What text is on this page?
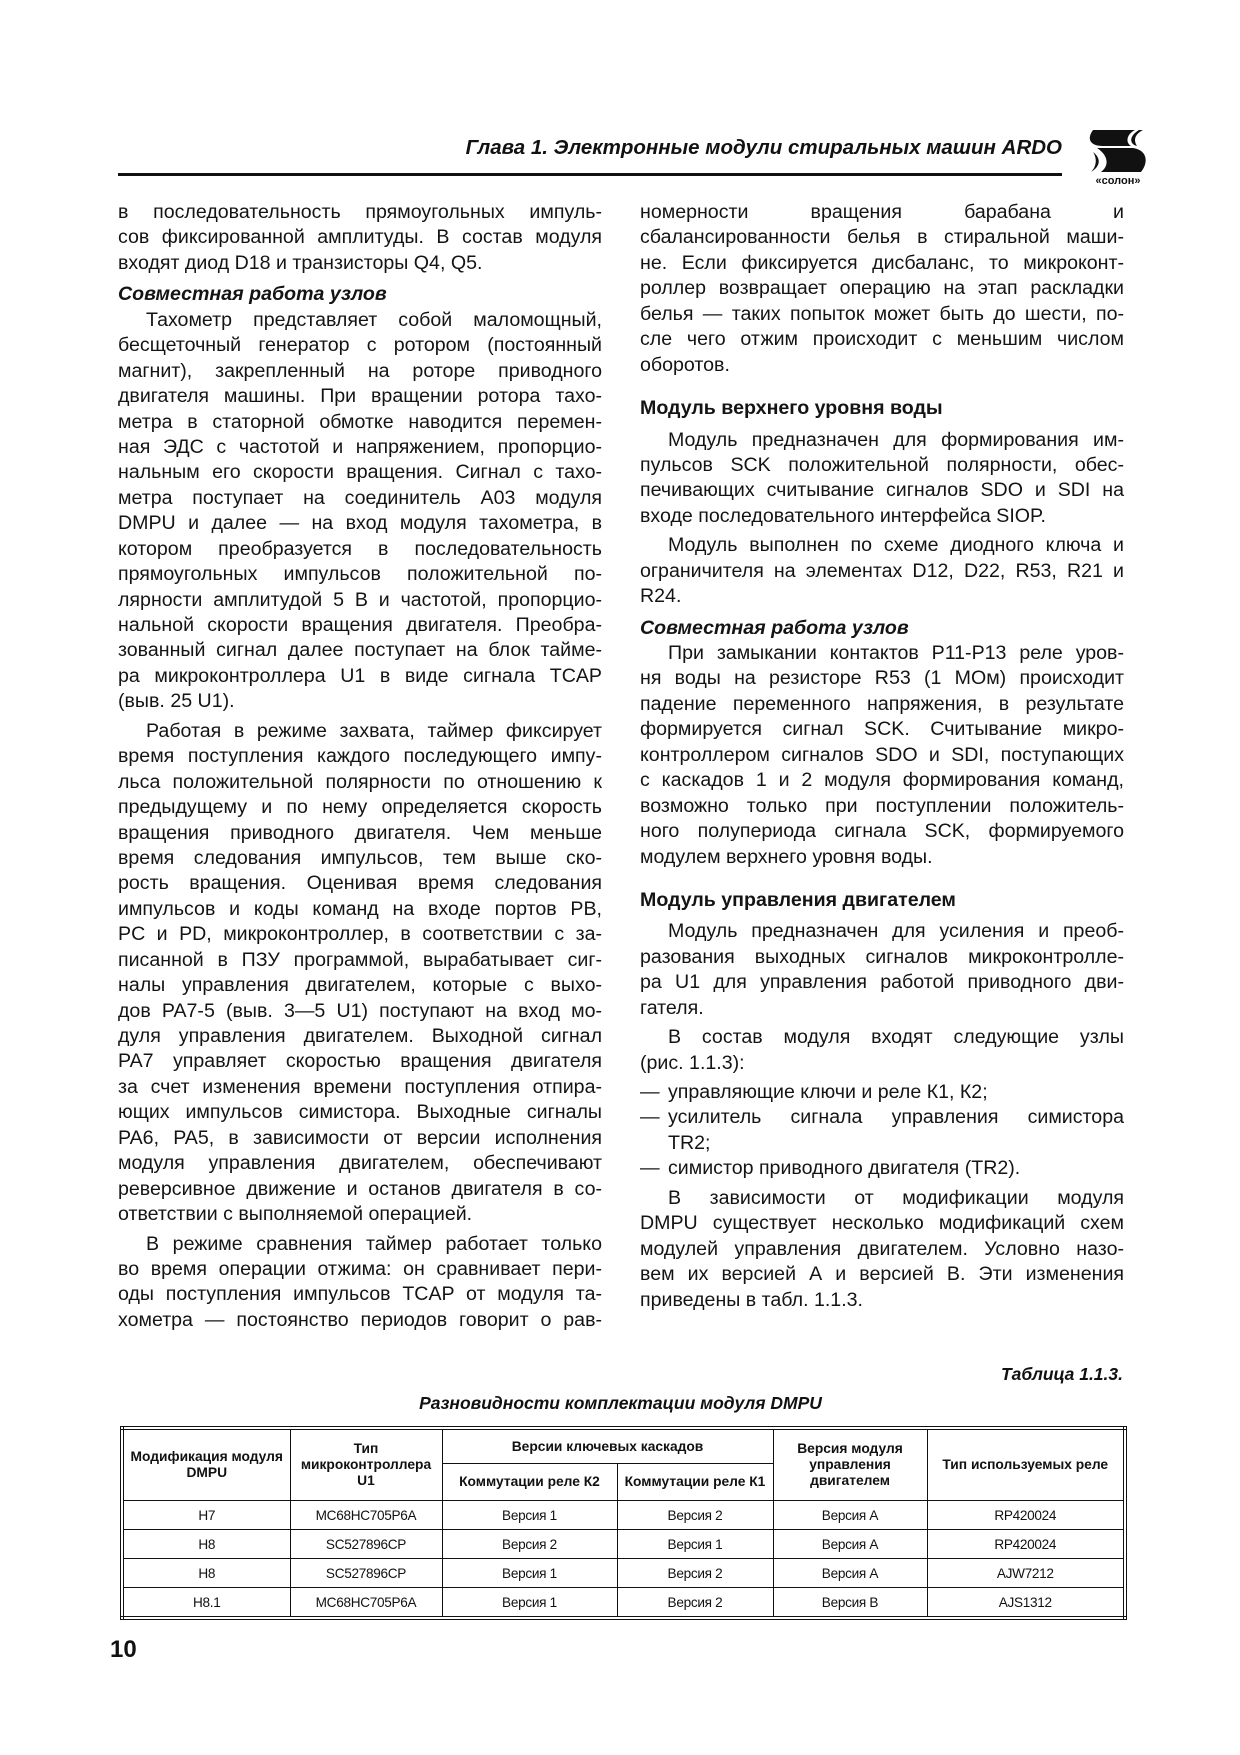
Глава 1. Электронные модули стиральных машин ARDO
«солон»
в последовательность прямоугольных импуль-
сов фиксированной амплитуды. В состав модуля
входят диод D18 и транзисторы Q4, Q5.
Совместная работа узлов
Тахометр представляет собой маломощный,
бесщеточный генератор с ротором (постоянный
магнит), закрепленный на роторе приводного
двигателя машины. При вращении ротора тахо-
метра в статорной обмотке наводится перемен-
ная ЭДС с частотой и напряжением, пропорцио-
нальным его скорости вращения. Сигнал с тахо-
метра поступает на соединитель А03 модуля
DMPU и далее — на вход модуля тахометра, в
котором преобразуется в последовательность
прямоугольных импульсов положительной по-
лярности амплитудой 5 В и частотой, пропорцио-
нальной скорости вращения двигателя. Преобра-
зованный сигнал далее поступает на блок тайме-
ра микроконтроллера U1 в виде сигнала TCAP
(выв. 25 U1).
Работая в режиме захвата, таймер фиксирует
время поступления каждого последующего импу-
льса положительной полярности по отношению к
предыдущему и по нему определяется скорость
вращения приводного двигателя. Чем меньше
время следования импульсов, тем выше ско-
рость вращения. Оценивая время следования
импульсов и коды команд на входе портов PB,
PC и PD, микроконтроллер, в соответствии с за-
писанной в ПЗУ программой, вырабатывает сиг-
налы управления двигателем, которые с выхо-
дов PA7-5 (выв. 3—5 U1) поступают на вход мо-
дуля управления двигателем. Выходной сигнал
PA7 управляет скоростью вращения двигателя
за счет изменения времени поступления отпира-
ющих импульсов симистора. Выходные сигналы
PA6, PA5, в зависимости от версии исполнения
модуля управления двигателем, обеспечивают
реверсивное движение и останов двигателя в со-
ответствии с выполняемой операцией.
В режиме сравнения таймер работает только
во время операции отжима: он сравнивает пери-
оды поступления импульсов TCAP от модуля та-
хометра — постоянство периодов говорит о рав-
номерности вращения барабана и
сбалансированности белья в стиральной маши-
не. Если фиксируется дисбаланс, то микроконт-
роллер возвращает операцию на этап раскладки
белья — таких попыток может быть до шести, по-
сле чего отжим происходит с меньшим числом
оборотов.
Модуль верхнего уровня воды
Модуль предназначен для формирования им-
пульсов SCK положительной полярности, обес-
печивающих считывание сигналов SDO и SDI на
входе последовательного интерфейса SIOP.
Модуль выполнен по схеме диодного ключа и
ограничителя на элементах D12, D22, R53, R21 и
R24.
Совместная работа узлов
При замыкании контактов P11-P13 реле уров-
ня воды на резисторе R53 (1 МОм) происходит
падение переменного напряжения, в результате
формируется сигнал SCK. Считывание микро-
контроллером сигналов SDO и SDI, поступающих
с каскадов 1 и 2 модуля формирования команд,
возможно только при поступлении положитель-
ного полупериода сигнала SCK, формируемого
модулем верхнего уровня воды.
Модуль управления двигателем
Модуль предназначен для усиления и преоб-
разования выходных сигналов микроконтролле-
ра U1 для управления работой приводного дви-
гателя.
В состав модуля входят следующие узлы
(рис. 1.1.3):
— управляющие ключи и реле К1, К2;
— усилитель сигнала управления симистора
TR2;
— симистор приводного двигателя (TR2).
В зависимости от модификации модуля
DMPU существует несколько модификаций схем
модулей управления двигателем. Условно назо-
вем их версией А и версией В. Эти изменения
приведены в табл. 1.1.3.
Таблица 1.1.3.
Разновидности комплектации модуля DMPU
Модификация модуля DMPU	Тип микроконтроллера U1	Версии ключевых каскадов		Версия модуля управления двигателем	Тип используемых реле
		Коммутации реле К2	Коммутации реле К1		
H7	MC68HC705P6A	Версия 1	Версия 2	Версия А	RP420024
H8	SC527896CP	Версия 2	Версия 1	Версия А	RP420024
H8	SC527896CP	Версия 1	Версия 2	Версия А	AJW7212
H8.1	MC68HC705P6A	Версия 1	Версия 2	Версия В	AJS1312
10
